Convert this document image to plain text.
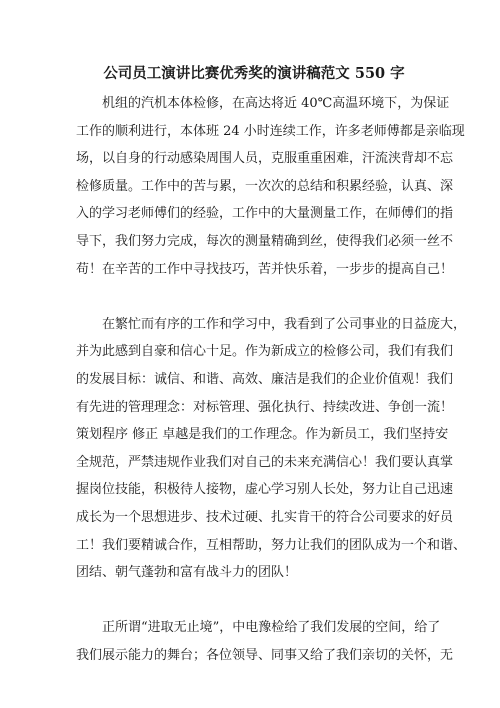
公司员工演讲比赛优秀奖的演讲稿范文 550 字
机组的汽机本体检修，在高达将近 40℃高温环境下，为保证
工作的顺利进行，本体班 24 小时连续工作，许多老师傅都是亲临现
场，以自身的行动感染周围人员，克服重重困难，汗流浃背却不忘
检修质量。工作中的苦与累，一次次的总结和积累经验，认真、深
入的学习老师傅们的经验，工作中的大量测量工作，在师傅们的指
导下，我们努力完成，每次的测量精确到丝，使得我们必须一丝不
苟！在辛苦的工作中寻找技巧，苦并快乐着，一步步的提高自己！
在繁忙而有序的工作和学习中，我看到了公司事业的日益庞大，
并为此感到自豪和信心十足。作为新成立的检修公司，我们有我们
的发展目标：诚信、和谐、高效、廉洁是我们的企业价值观！我们
有先进的管理理念：对标管理、强化执行、持续改进、争创一流！
策划程序 修正 卓越是我们的工作理念。作为新员工，我们坚持安
全规范，严禁违规作业我们对自己的未来充满信心！我们要认真掌
握岗位技能，积极待人接物，虚心学习别人长处，努力让自己迅速
成长为一个思想进步、技术过硬、扎实肯干的符合公司要求的好员
工！我们要精诚合作，互相帮助，努力让我们的团队成为一个和谐、
团结、朝气蓬勃和富有战斗力的团队！
正所谓“进取无止境”，中电豫检给了我们发展的空间，给了
我们展示能力的舞台；各位领导、同事又给了我们亲切的关怀，无
